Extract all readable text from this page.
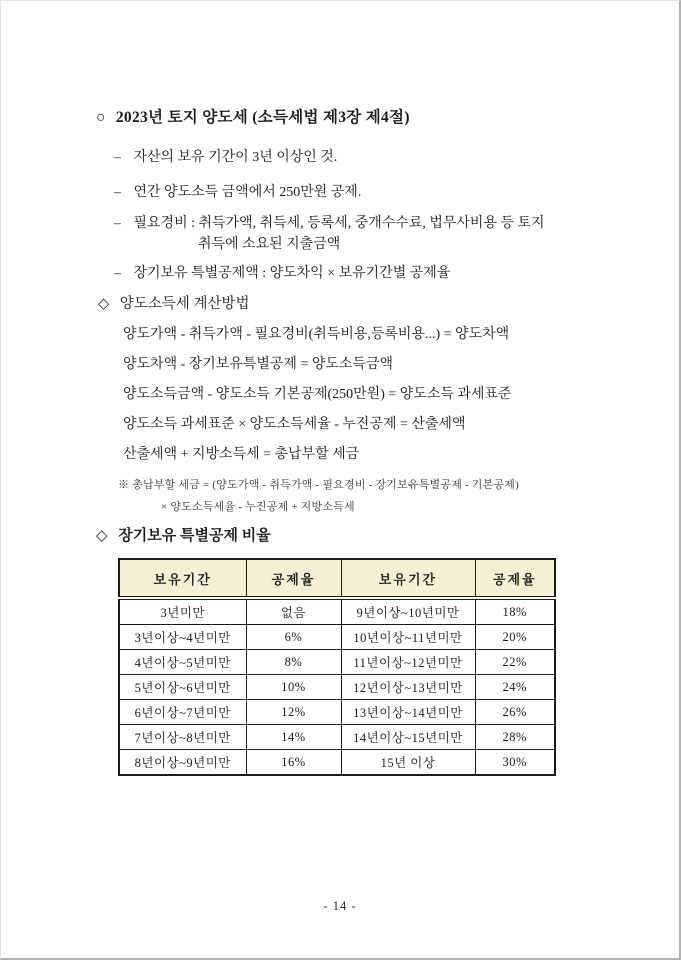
○ 2023년 토지 양도세 (소득세법 제3장 제4절)

– 자산의 보유 기간이 3년 이상인 것.

– 연간 양도소득 금액에서 250만원 공제.

– 필요경비 : 취득가액, 취득세, 등록세, 중개수수료, 법무사비용 등 토지

취득에 소요된 지출금액

– 장기보유 특별공제액 : 양도차익 × 보유기간별 공제율

◇ 양도소득세 계산방법

양도가액 - 취득가액 - 필요경비(취득비용,등록비용...) = 양도차액

양도차액 - 장기보유특별공제 = 양도소득금액

양도소득금액 - 양도소득 기본공제(250만원) = 양도소득 과세표준

양도소득 과세표준 × 양도소득세율 - 누진공제 = 산출세액

산출세액 + 지방소득세 = 총납부할 세금

※ 총납부할 세금 = (양도가액 - 취득가액 - 필요경비 - 장기보유특별공제 - 기본공제)

× 양도소득세율 - 누진공제 + 지방소득세

◇ 장기보유 특별공제 비율

보유기간	공제율	보유기간	공제율
3년미만	없음	9년이상~10년미만	18%
3년이상~4년미만	6%	10년이상~11년미만	20%
4년이상~5년미만	8%	11년이상~12년미만	22%
5년이상~6년미만	10%	12년이상~13년미만	24%
6년이상~7년미만	12%	13년이상~14년미만	26%
7년이상~8년미만	14%	14년이상~15년미만	28%
8년이상~9년미만	16%	15년 이상	30%
- 14 -
